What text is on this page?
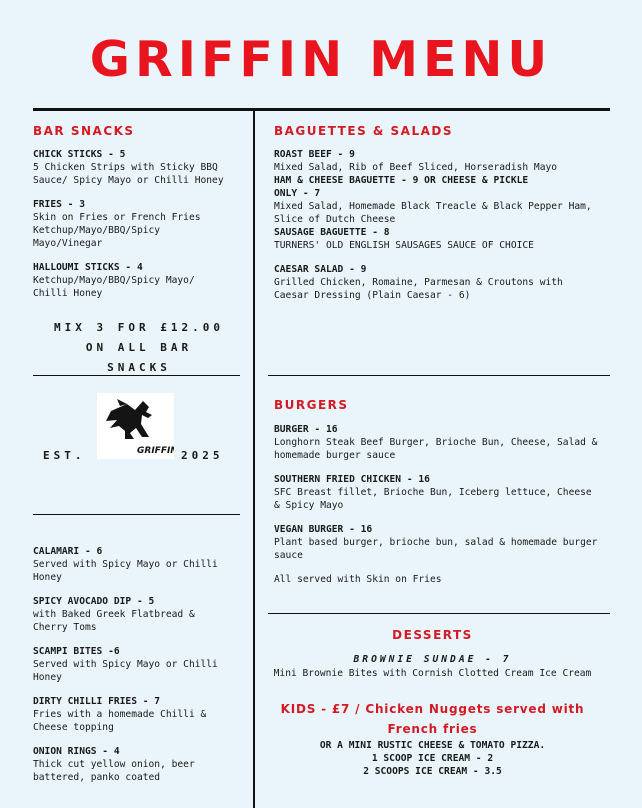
GRIFFIN MENU
BAR SNACKS
CHICK STICKS - 5
5 Chicken Strips with Sticky BBQ
Sauce/ Spicy Mayo or Chilli Honey
FRIES - 3
Skin on Fries or French Fries
Ketchup/Mayo/BBQ/Spicy
Mayo/Vinegar
HALLOUMI STICKS - 4
Ketchup/Mayo/BBQ/Spicy Mayo/
Chilli Honey
MIX 3 FOR £12.00
ON ALL BAR
SNACKS
GRIFFIN
EST.	2025
CALAMARI - 6
Served with Spicy Mayo or Chilli
Honey
SPICY AVOCADO DIP - 5
with Baked Greek Flatbread &
Cherry Toms
SCAMPI BITES -6
Served with Spicy Mayo or Chilli
Honey
DIRTY CHILLI FRIES - 7
Fries with a homemade Chilli &
Cheese topping
ONION RINGS - 4
Thick cut yellow onion, beer
battered, panko coated
BAGUETTES & SALADS
ROAST BEEF - 9
Mixed Salad, Rib of Beef Sliced, Horseradish Mayo
HAM & CHEESE BAGUETTE - 9 OR CHEESE & PICKLE
ONLY - 7
Mixed Salad, Homemade Black Treacle & Black Pepper Ham,
Slice of Dutch Cheese
SAUSAGE BAGUETTE - 8
TURNERS' OLD ENGLISH SAUSAGES SAUCE OF CHOICE
CAESAR SALAD - 9
Grilled Chicken, Romaine, Parmesan & Croutons with
Caesar Dressing (Plain Caesar - 6)
BURGERS
BURGER - 16
Longhorn Steak Beef Burger, Brioche Bun, Cheese, Salad &
homemade burger sauce
SOUTHERN FRIED CHICKEN - 16
SFC Breast fillet, Brioche Bun, Iceberg lettuce, Cheese
& Spicy Mayo
VEGAN BURGER - 16
Plant based burger, brioche bun, salad & homemade burger
sauce
All served with Skin on Fries
DESSERTS
BROWNIE SUNDAE - 7
Mini Brownie Bites with Cornish Clotted Cream Ice Cream
KIDS - £7 / Chicken Nuggets served with
French fries
OR A MINI RUSTIC CHEESE & TOMATO PIZZA.
1 SCOOP ICE CREAM - 2
2 SCOOPS ICE CREAM - 3.5
